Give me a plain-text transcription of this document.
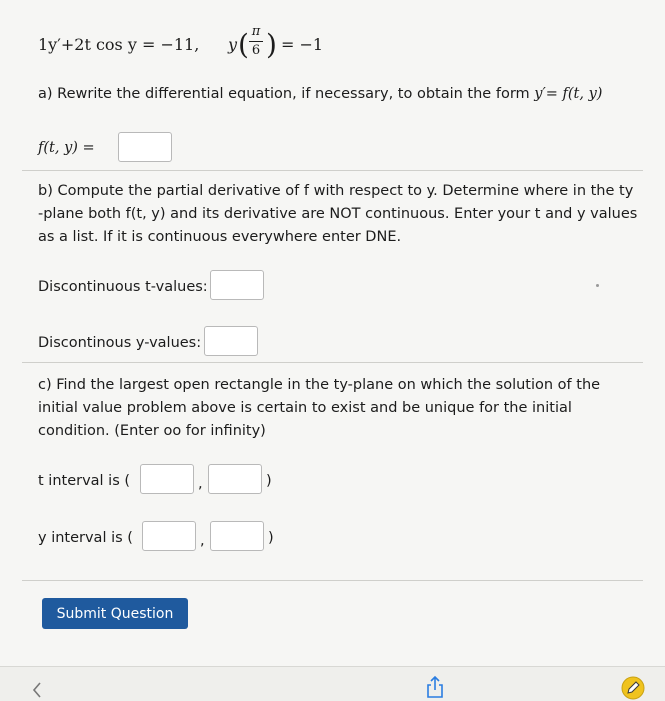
1y′+2t cos y = −11, y ( π
6 ) = −1
a) Rewrite the differential equation, if necessary, to obtain the form y′= f(t, y)
f(t, y) =
b) Compute the partial derivative of f with respect to y. Determine where in the ty
-plane both f(t, y) and its derivative are NOT continuous. Enter your t and y values
as a list. If it is continuous everywhere enter DNE.
Discontinuous t-values:
Discontinous y-values:
c) Find the largest open rectangle in the ty-plane on which the solution of the
initial value problem above is certain to exist and be unique for the initial
condition. (Enter oo for infinity)
t interval is (	,	)
y interval is (	,	)
Submit Question
